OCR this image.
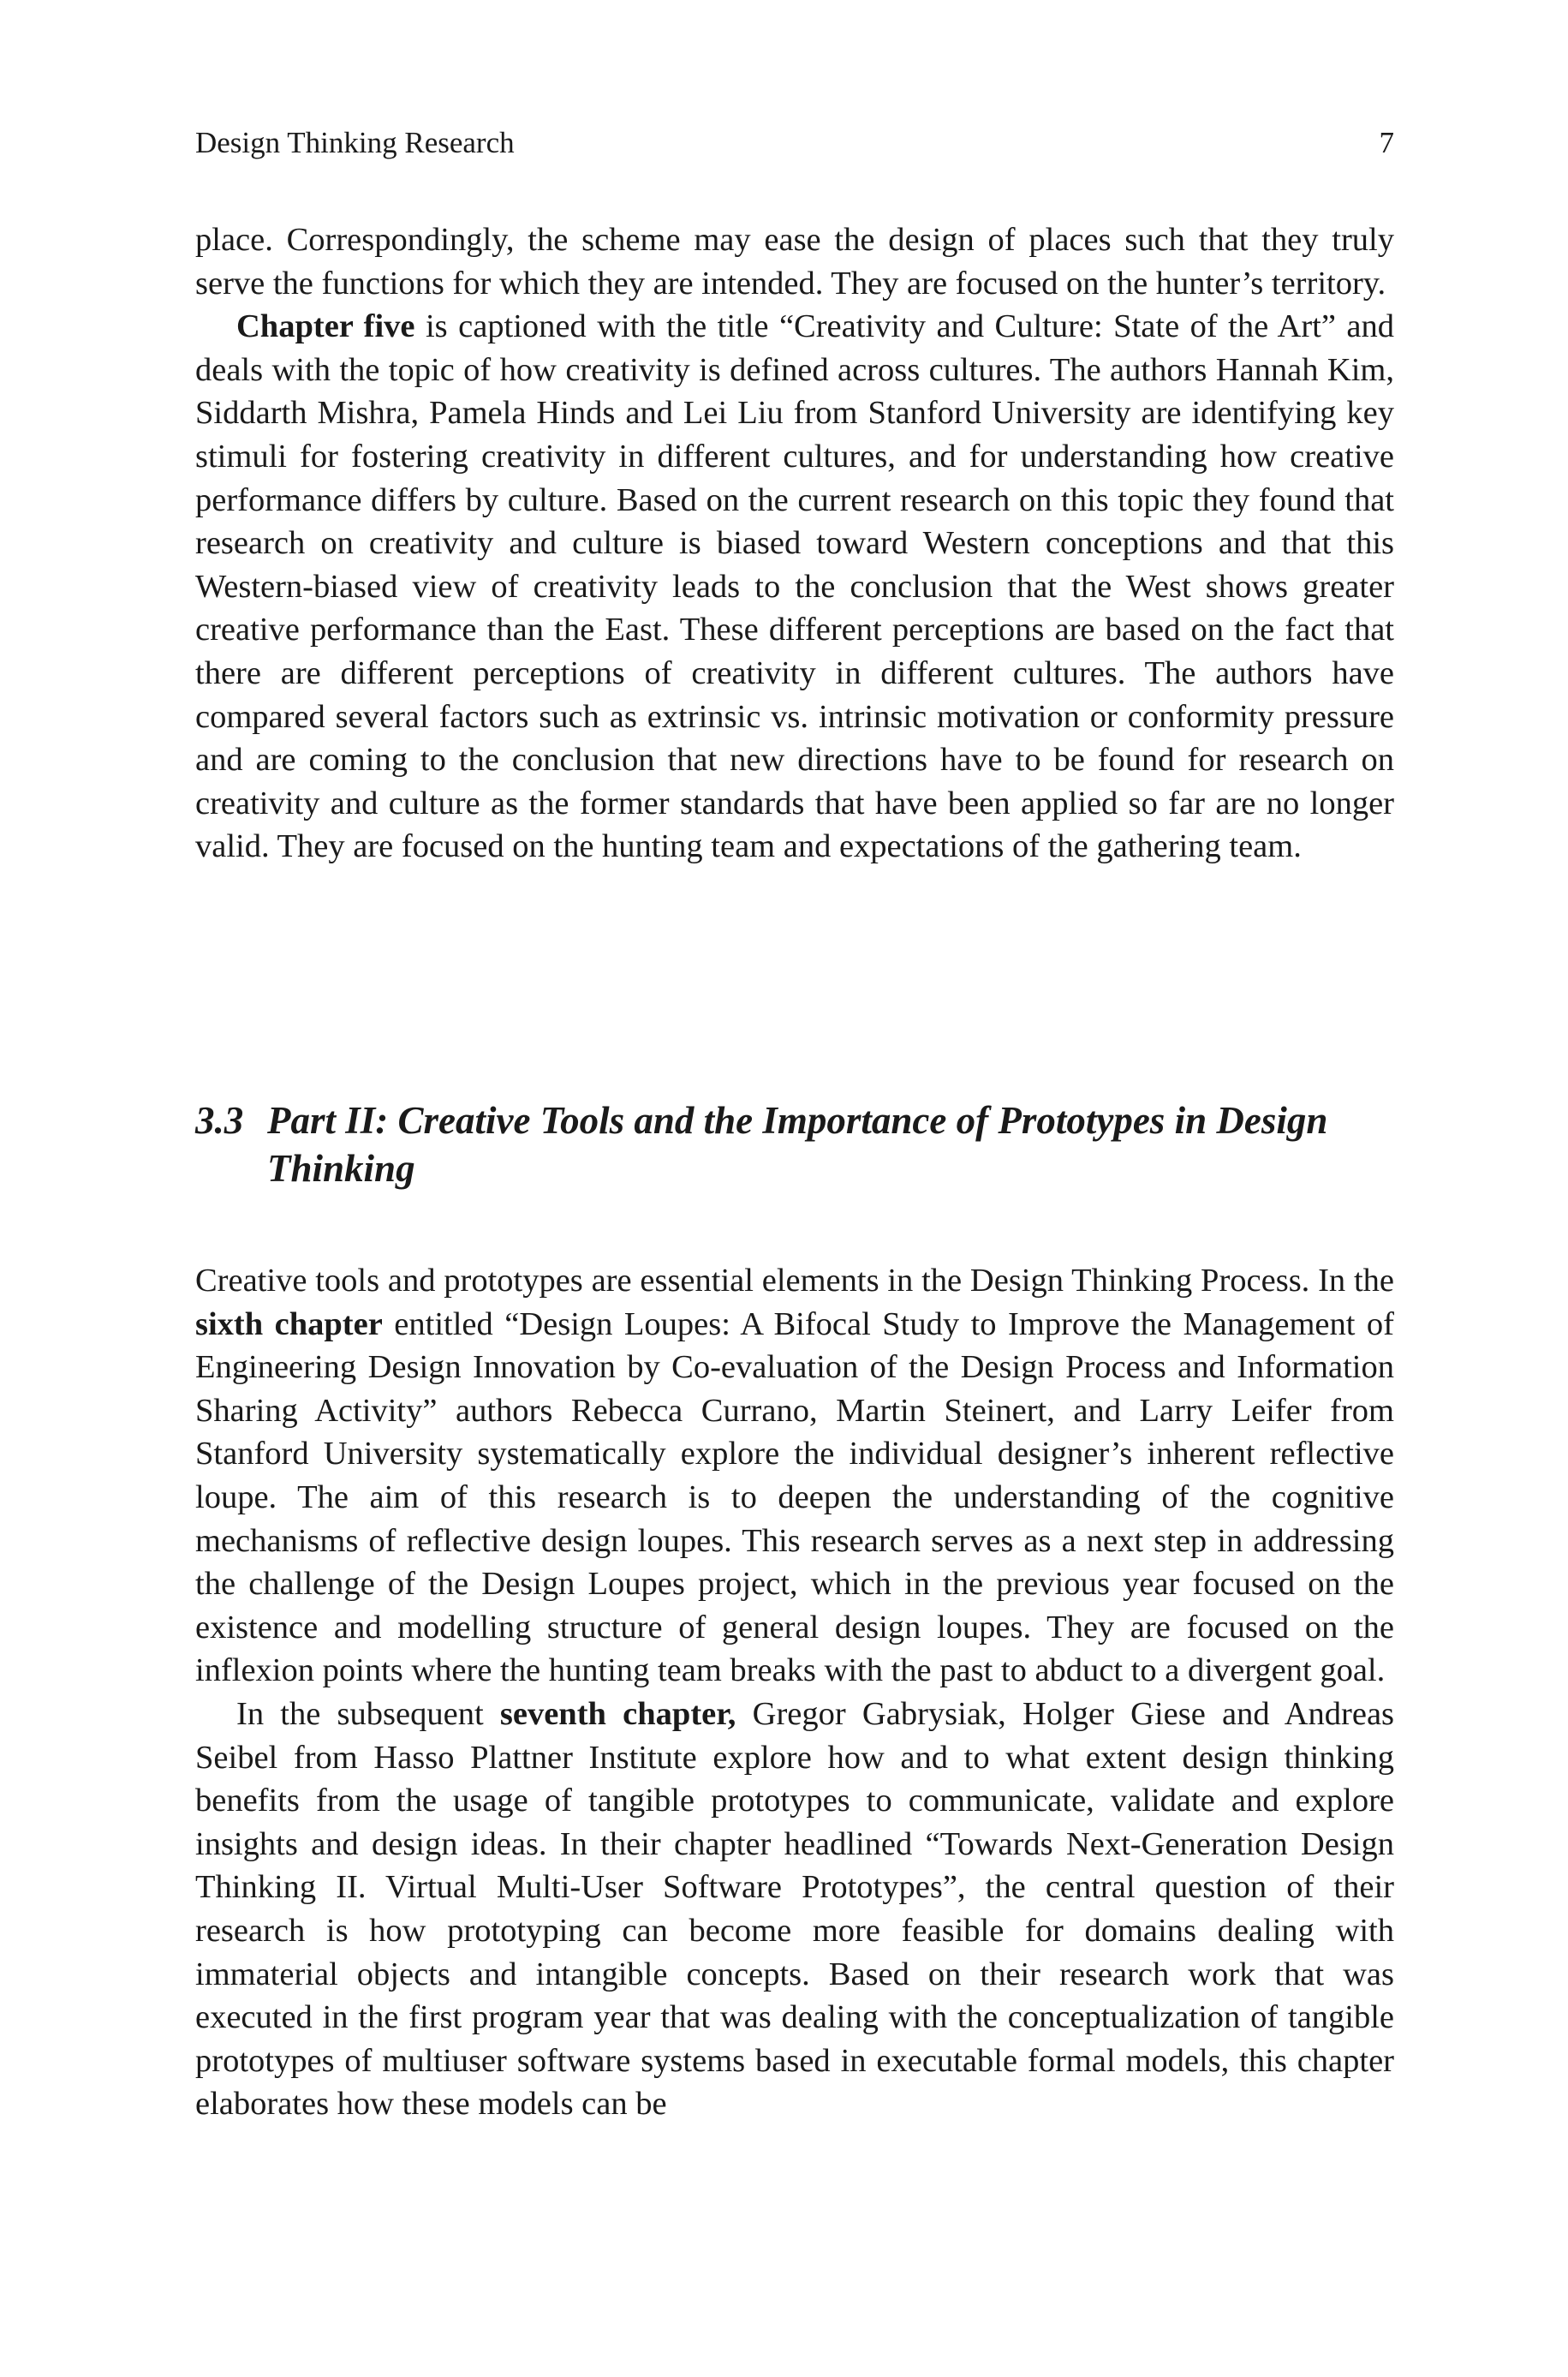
Design Thinking Research	7

place. Correspondingly, the scheme may ease the design of places such that they truly serve the functions for which they are intended. They are focused on the hunter’s territory.

Chapter five is captioned with the title “Creativity and Culture: State of the Art” and deals with the topic of how creativity is defined across cultures. The authors Hannah Kim, Siddarth Mishra, Pamela Hinds and Lei Liu from Stanford University are identifying key stimuli for fostering creativity in different cultures, and for understanding how creative performance differs by culture. Based on the current research on this topic they found that research on creativity and culture is biased toward Western conceptions and that this Western-biased view of creativity leads to the conclusion that the West shows greater creative performance than the East. These different perceptions are based on the fact that there are different perceptions of creativity in different cultures. The authors have compared several factors such as extrinsic vs. intrinsic motivation or conformity pressure and are coming to the conclusion that new directions have to be found for research on creativity and culture as the former standards that have been applied so far are no longer valid. They are focused on the hunting team and expectations of the gathering team.

3.3 Part II: Creative Tools and the Importance of Prototypes in Design Thinking

Creative tools and prototypes are essential elements in the Design Thinking Process. In the sixth chapter entitled “Design Loupes: A Bifocal Study to Improve the Management of Engineering Design Innovation by Co-evaluation of the Design Process and Information Sharing Activity” authors Rebecca Currano, Martin Steinert, and Larry Leifer from Stanford University systematically explore the individual designer’s inherent reflective loupe. The aim of this research is to deepen the understanding of the cognitive mechanisms of reflective design loupes. This research serves as a next step in addressing the challenge of the Design Loupes project, which in the previous year focused on the existence and modelling structure of general design loupes. They are focused on the inflexion points where the hunting team breaks with the past to abduct to a divergent goal.

In the subsequent seventh chapter, Gregor Gabrysiak, Holger Giese and Andreas Seibel from Hasso Plattner Institute explore how and to what extent design thinking benefits from the usage of tangible prototypes to communicate, validate and explore insights and design ideas. In their chapter headlined “Towards Next-Generation Design Thinking II. Virtual Multi-User Software Prototypes”, the central question of their research is how prototyping can become more feasible for domains dealing with immaterial objects and intangible concepts. Based on their research work that was executed in the first program year that was dealing with the conceptualization of tangible prototypes of multiuser software systems based in executable formal models, this chapter elaborates how these models can be
